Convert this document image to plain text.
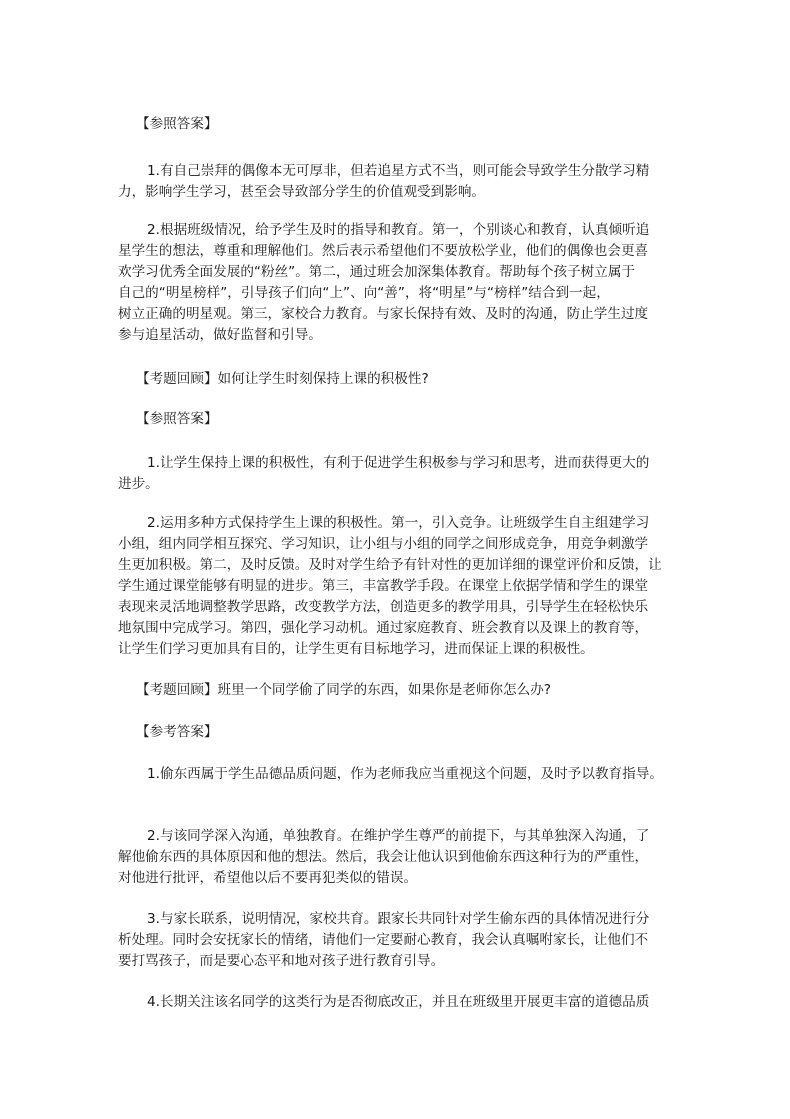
【参照答案】

1.有自己崇拜的偶像本无可厚非，但若追星方式不当，则可能会导致学生分散学习精

力，影响学生学习，甚至会导致部分学生的价值观受到影响。

2.根据班级情况，给予学生及时的指导和教育。第一，个别谈心和教育，认真倾听追

星学生的想法，尊重和理解他们。然后表示希望他们不要放松学业，他们的偶像也会更喜

欢学习优秀全面发展的“粉丝”。第二，通过班会加深集体教育。帮助每个孩子树立属于

自己的“明星榜样”，引导孩子们向“上”、向“善”，将“明星”与“榜样”结合到一起，

树立正确的明星观。第三，家校合力教育。与家长保持有效、及时的沟通，防止学生过度

参与追星活动，做好监督和引导。

【考题回顾】如何让学生时刻保持上课的积极性?

【参照答案】

1.让学生保持上课的积极性，有利于促进学生积极参与学习和思考，进而获得更大的

进步。

2.运用多种方式保持学生上课的积极性。第一，引入竞争。让班级学生自主组建学习

小组，组内同学相互探究、学习知识，让小组与小组的同学之间形成竞争，用竞争刺激学

生更加积极。第二，及时反馈。及时对学生给予有针对性的更加详细的课堂评价和反馈，让

学生通过课堂能够有明显的进步。第三，丰富教学手段。在课堂上依据学情和学生的课堂

表现来灵活地调整教学思路，改变教学方法，创造更多的教学用具，引导学生在轻松快乐

地氛围中完成学习。第四，强化学习动机。通过家庭教育、班会教育以及课上的教育等，

让学生们学习更加具有目的，让学生更有目标地学习，进而保证上课的积极性。

【考题回顾】班里一个同学偷了同学的东西，如果你是老师你怎么办?

【参考答案】

1.偷东西属于学生品德品质问题，作为老师我应当重视这个问题，及时予以教育指导。

2.与该同学深入沟通，单独教育。在维护学生尊严的前提下，与其单独深入沟通，了

解他偷东西的具体原因和他的想法。然后，我会让他认识到他偷东西这种行为的严重性，

对他进行批评，希望他以后不要再犯类似的错误。

3.与家长联系，说明情况，家校共育。跟家长共同针对学生偷东西的具体情况进行分

析处理。同时会安抚家长的情绪，请他们一定要耐心教育，我会认真嘱咐家长，让他们不

要打骂孩子，而是要心态平和地对孩子进行教育引导。

4.长期关注该名同学的这类行为是否彻底改正，并且在班级里开展更丰富的道德品质
